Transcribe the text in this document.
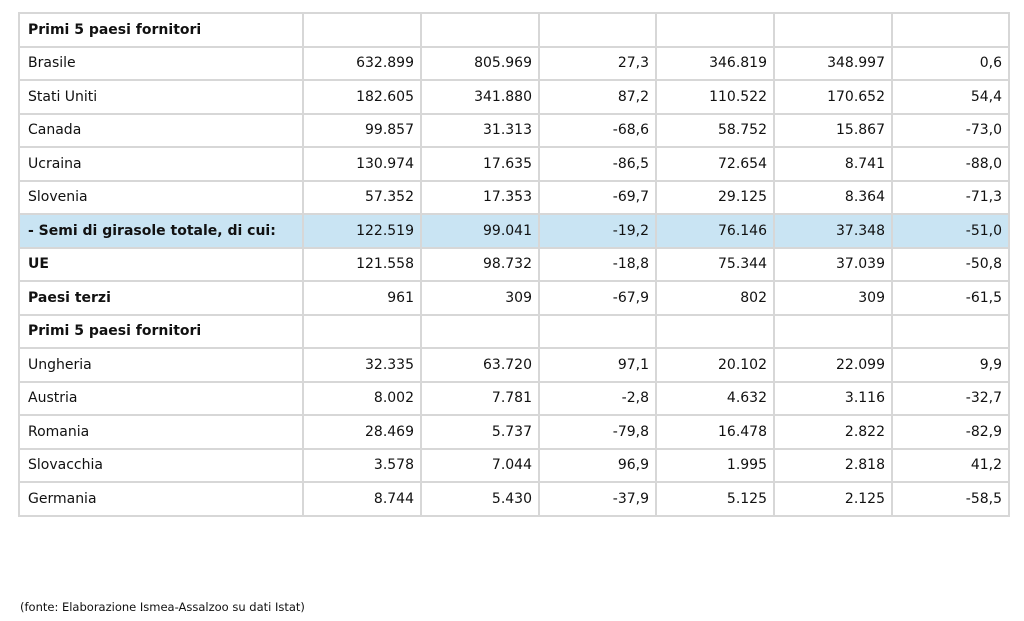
Primi 5 paesi fornitori						
Brasile	632.899	805.969	27,3	346.819	348.997	0,6
Stati Uniti	182.605	341.880	87,2	110.522	170.652	54,4
Canada	99.857	31.313	-68,6	58.752	15.867	-73,0
Ucraina	130.974	17.635	-86,5	72.654	8.741	-88,0
Slovenia	57.352	17.353	-69,7	29.125	8.364	-71,3
- Semi di girasole totale, di cui:	122.519	99.041	-19,2	76.146	37.348	-51,0
UE	121.558	98.732	-18,8	75.344	37.039	-50,8
Paesi terzi	961	309	-67,9	802	309	-61,5
Primi 5 paesi fornitori						
Ungheria	32.335	63.720	97,1	20.102	22.099	9,9
Austria	8.002	7.781	-2,8	4.632	3.116	-32,7
Romania	28.469	5.737	-79,8	16.478	2.822	-82,9
Slovacchia	3.578	7.044	96,9	1.995	2.818	41,2
Germania	8.744	5.430	-37,9	5.125	2.125	-58,5
(fonte: Elaborazione Ismea-Assalzoo su dati Istat)
